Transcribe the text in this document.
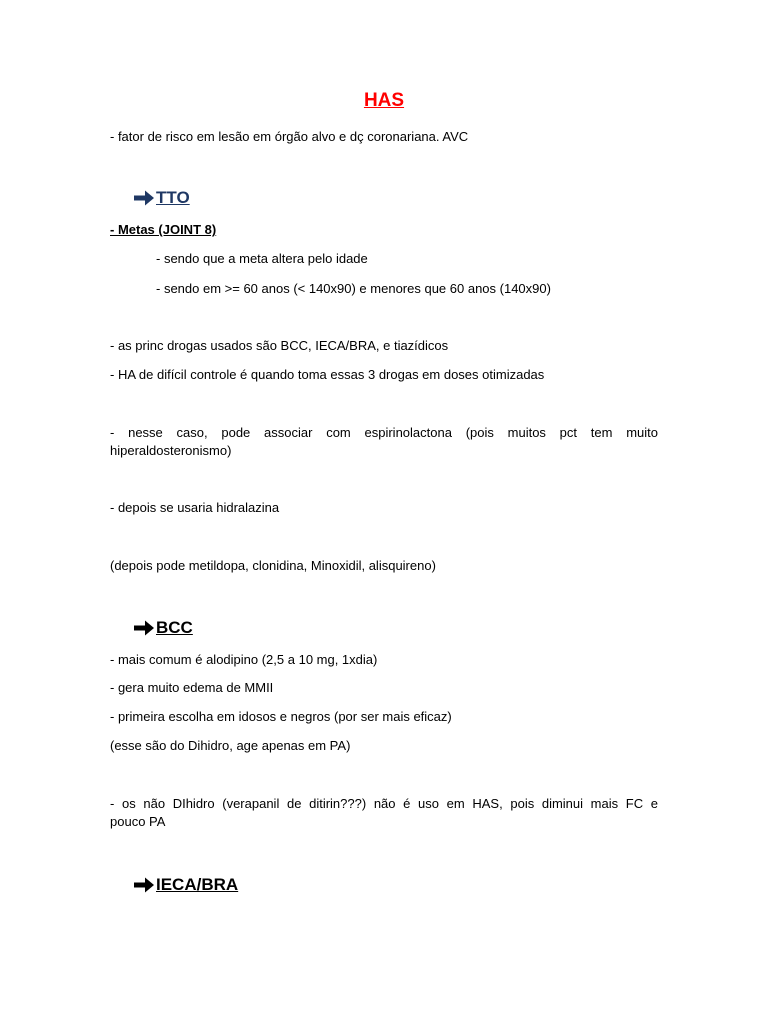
HAS
- fator de risco em lesão em órgão alvo e dç coronariana. AVC
TTO
- Metas (JOINT 8)
- sendo que a meta altera pelo idade
- sendo em >= 60 anos (< 140x90) e menores que 60 anos (140x90)
- as princ drogas usados são BCC, IECA/BRA, e tiazídicos
- HA de difícil controle é quando toma essas 3 drogas em doses otimizadas
- nesse caso, pode associar com espirinolactona (pois muitos pct tem muito
hiperaldosteronismo)
- depois se usaria hidralazina
(depois pode metildopa, clonidina, Minoxidil, alisquireno)
BCC
- mais comum é alodipino (2,5 a 10 mg, 1xdia)
- gera muito edema de MMII
- primeira escolha em idosos e negros (por ser mais eficaz)
(esse são do Dihidro, age apenas em PA)
- os não DIhidro (verapanil de ditirin???) não é uso em HAS, pois diminui mais FC e
pouco PA
IECA/BRA
